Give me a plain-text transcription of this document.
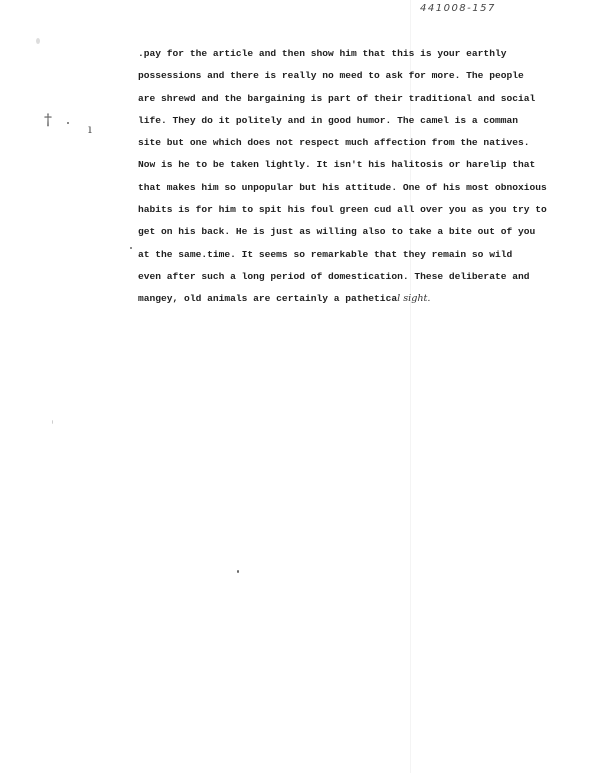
441008-157
†	ı
.pay for the article and then show him that this is your earthly
possessions and there is really no meed to ask for more. The people
are shrewd and the bargaining is part of their traditional and social
life. They do it politely and in good humor. The camel is a comman
site but one which does not respect much affection from the natives.
Now is he to be taken lightly. It isn't his halitosis or harelip that
that makes him so unpopular but his attitude. One of his most obnoxious
habits is for him to spit his foul green cud all over you as you try to
get on his back. He is just as willing also to take a bite out of you
at the same.time. It seems so remarkable that they remain so wild
even after such a long period of domestication. These deliberate and
mangey, old animals are certainly a pathetical sight.
